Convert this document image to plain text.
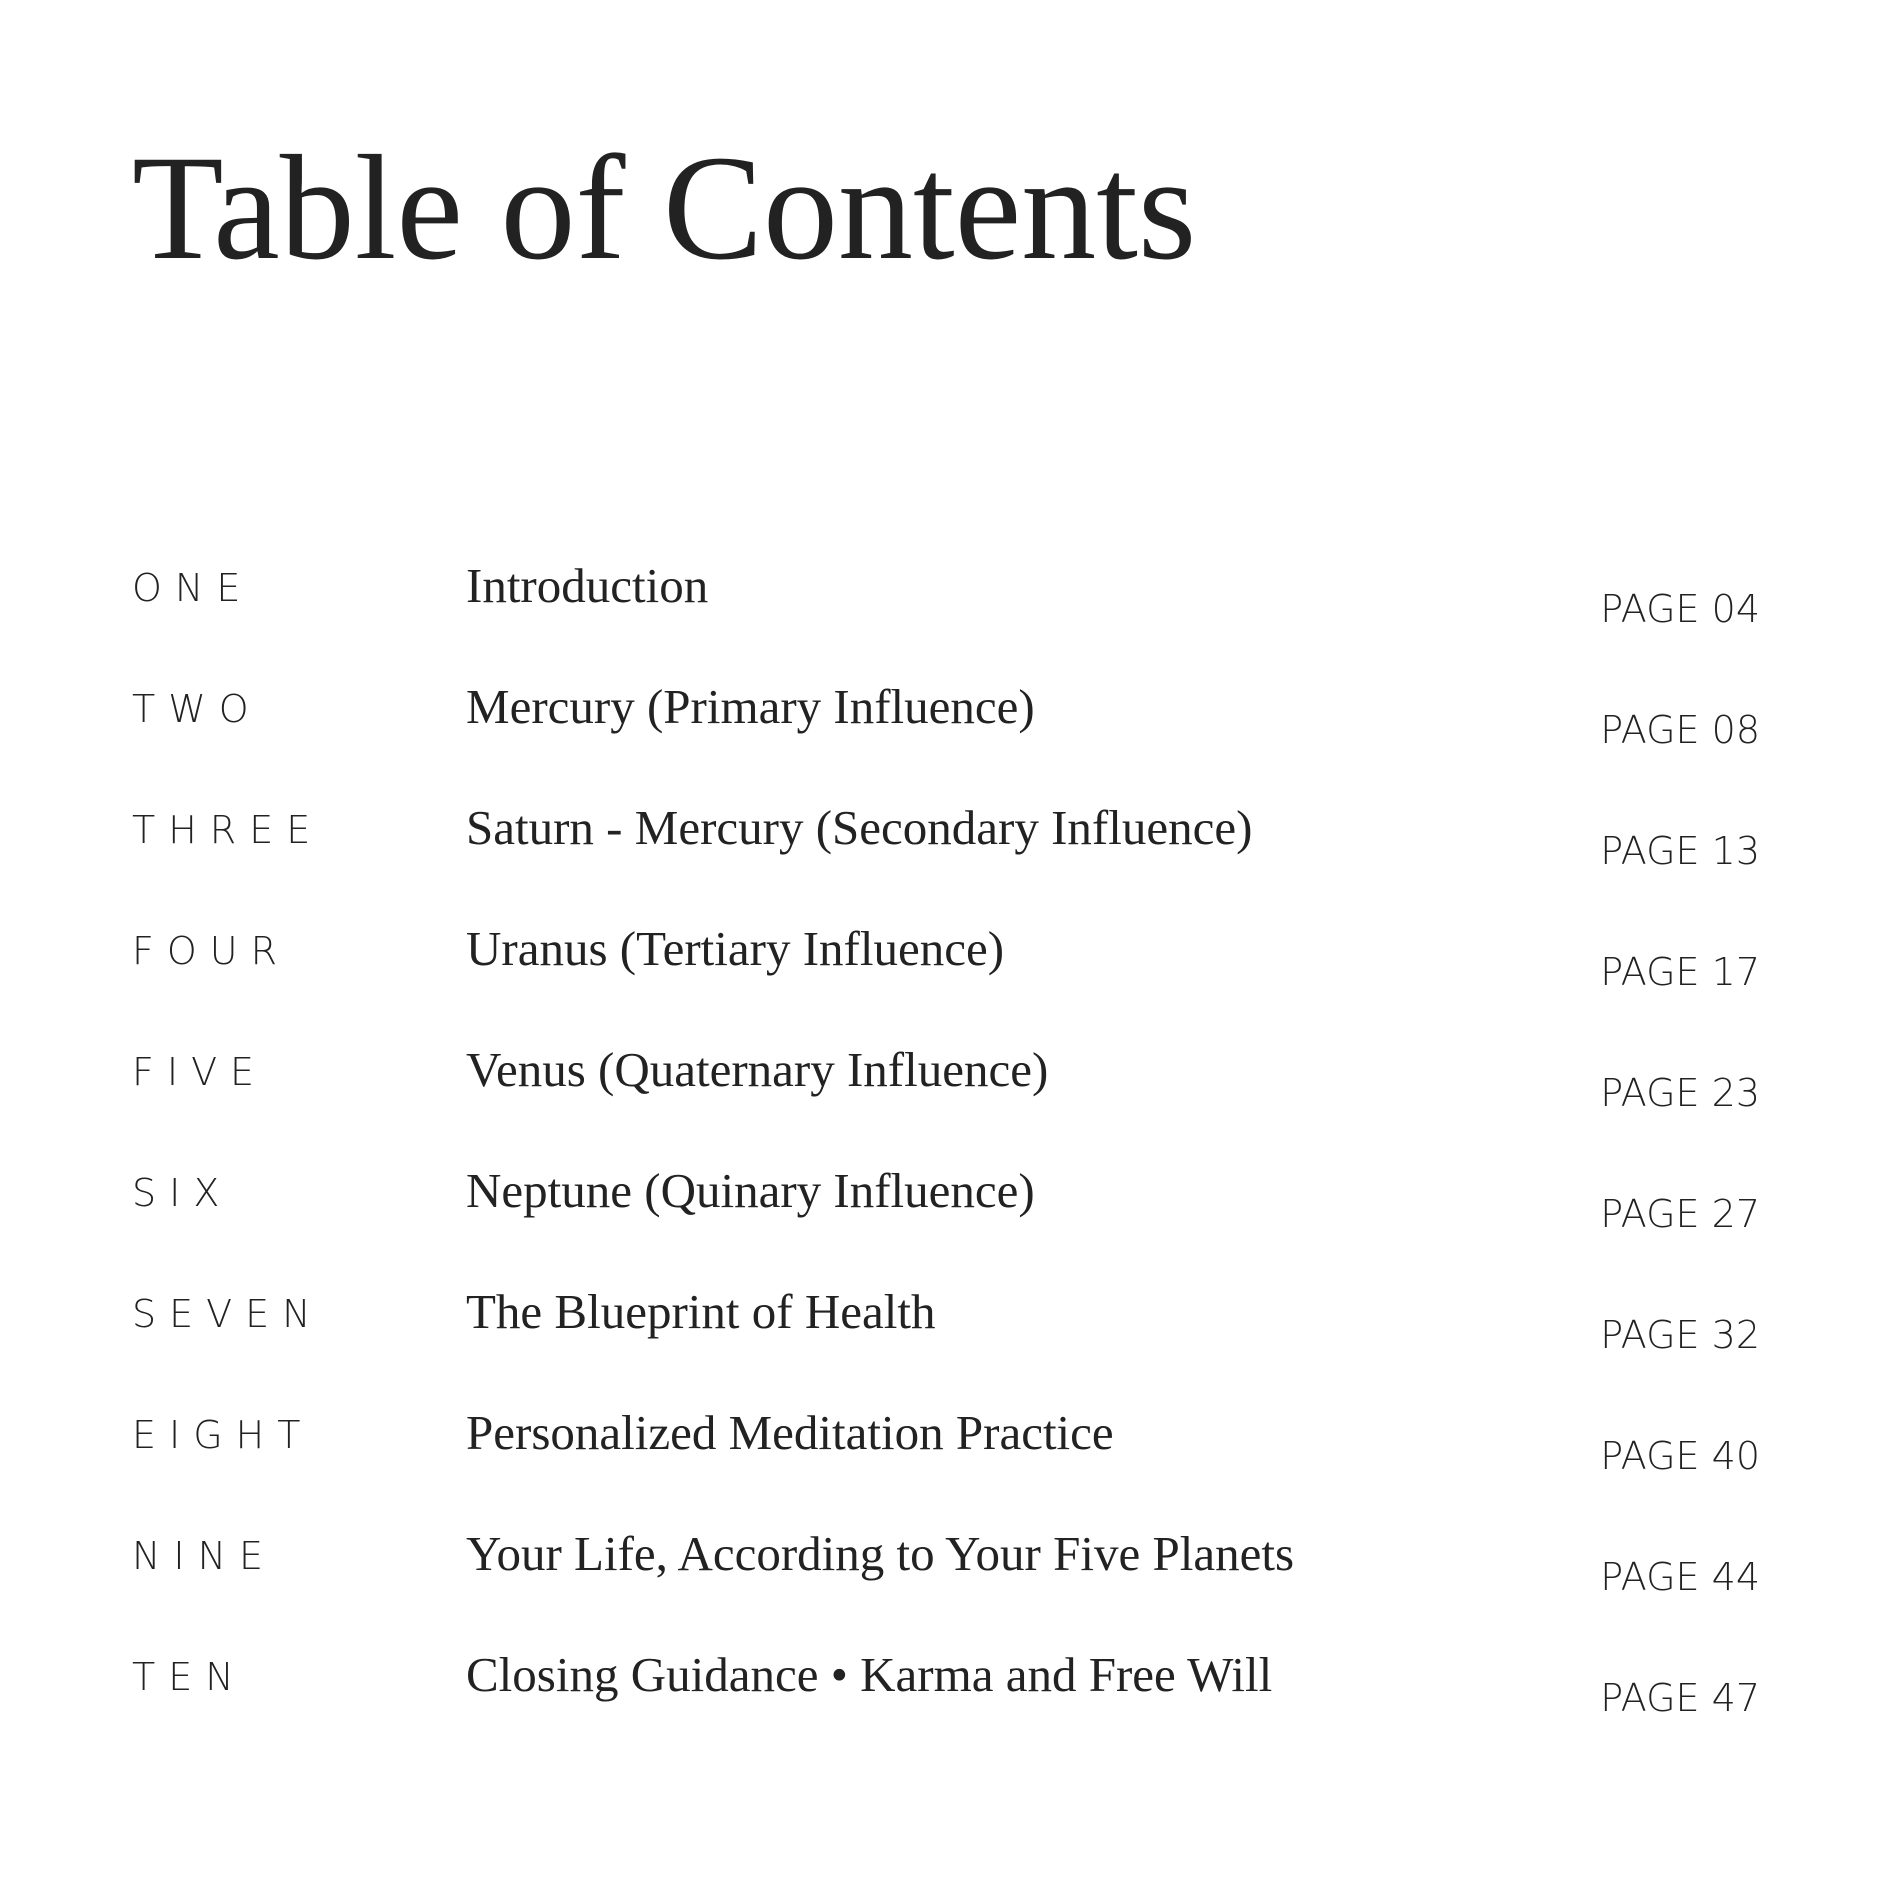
Table of Contents
ONE	Introduction	PAGE 04
TWO	Mercury (Primary Influence)	PAGE 08
THREE	Saturn - Mercury (Secondary Influence)	PAGE 13
FOUR	Uranus (Tertiary Influence)	PAGE 17
FIVE	Venus (Quaternary Influence)	PAGE 23
SIX	Neptune (Quinary Influence)	PAGE 27
SEVEN	The Blueprint of Health	PAGE 32
EIGHT	Personalized Meditation Practice	PAGE 40
NINE	Your Life, According to Your Five Planets	PAGE 44
TEN	Closing Guidance • Karma and Free Will	PAGE 47
